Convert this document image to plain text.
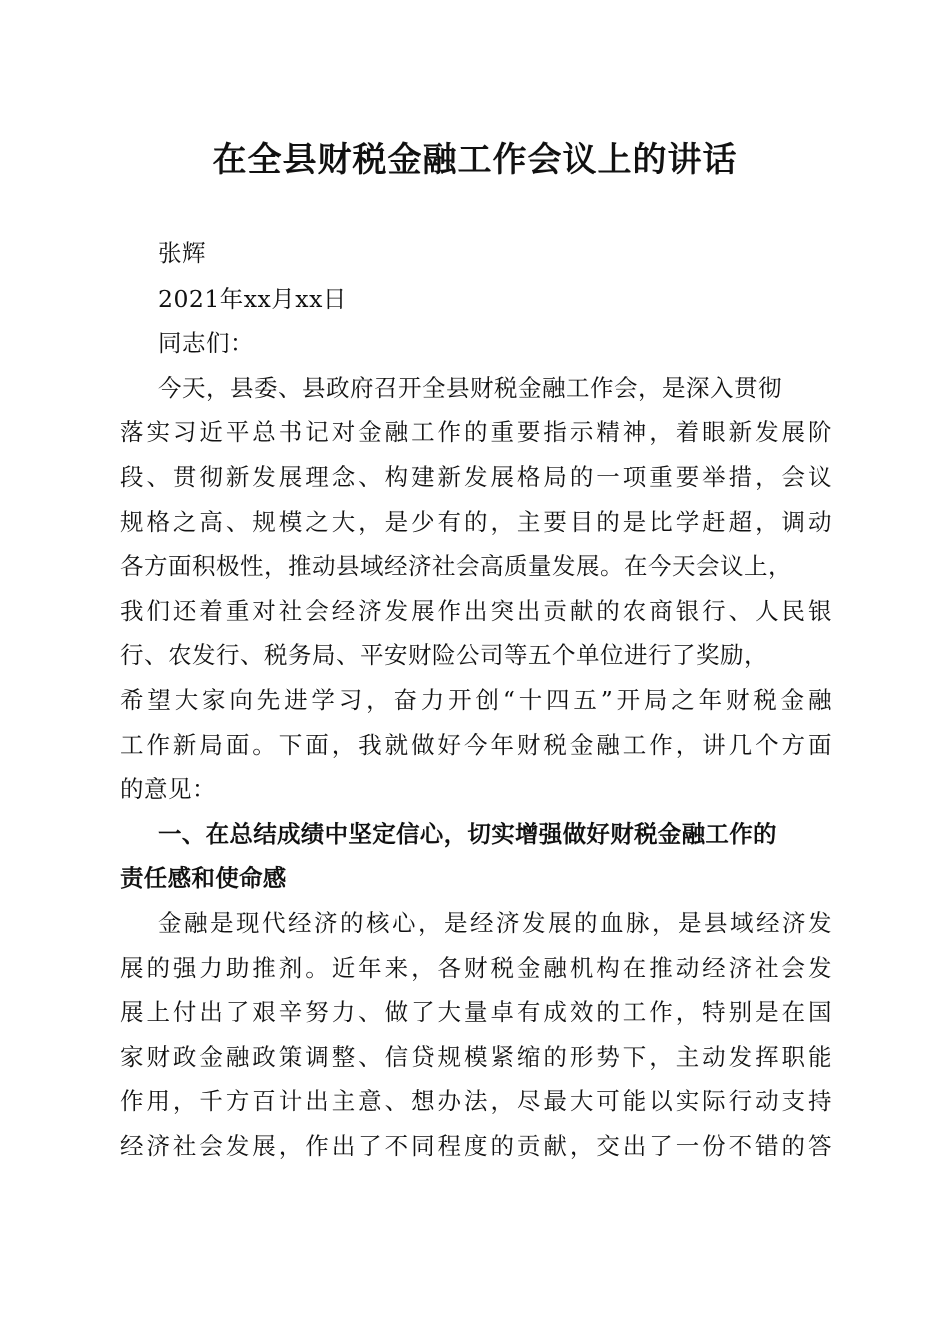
在全县财税金融工作会议上的讲话
张辉
2021年xx月xx日
同志们：
今天，县委、县政府召开全县财税金融工作会，是深入贯彻
落实习近平总书记对金融工作的重要指示精神，着眼新发展阶
段、贯彻新发展理念、构建新发展格局的一项重要举措，会议
规格之高、规模之大，是少有的，主要目的是比学赶超，调动
各方面积极性，推动县域经济社会高质量发展。在今天会议上，
我们还着重对社会经济发展作出突出贡献的农商银行、人民银
行、农发行、税务局、平安财险公司等五个单位进行了奖励，
希望大家向先进学习，奋力开创“十四五”开局之年财税金融
工作新局面。下面，我就做好今年财税金融工作，讲几个方面
的意见：
一、在总结成绩中坚定信心，切实增强做好财税金融工作的
责任感和使命感
金融是现代经济的核心，是经济发展的血脉，是县域经济发
展的强力助推剂。近年来，各财税金融机构在推动经济社会发
展上付出了艰辛努力、做了大量卓有成效的工作，特别是在国
家财政金融政策调整、信贷规模紧缩的形势下，主动发挥职能
作用，千方百计出主意、想办法，尽最大可能以实际行动支持
经济社会发展，作出了不同程度的贡献，交出了一份不错的答
